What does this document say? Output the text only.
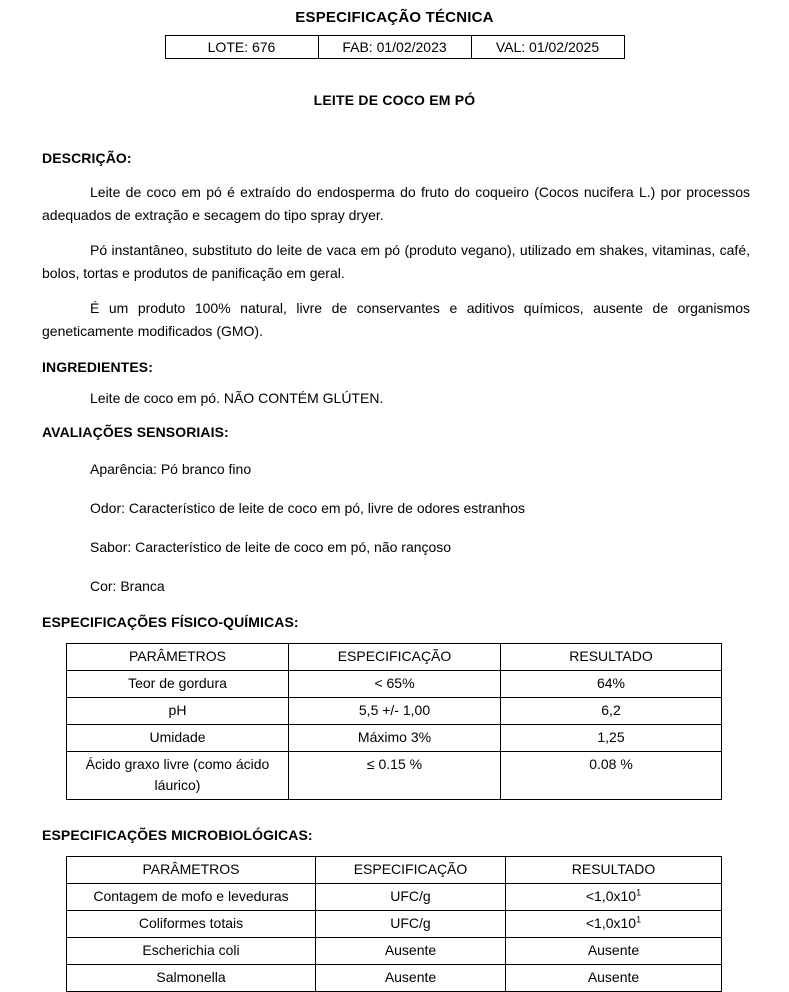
ESPECIFICAÇÃO TÉCNICA
LOTE: 676	FAB: 01/02/2023	VAL: 01/02/2025
LEITE DE COCO EM PÓ
DESCRIÇÃO:

Leite de coco em pó é extraído do endosperma do fruto do coqueiro (Cocos nucifera L.) por processos adequados de extração e secagem do tipo spray dryer.

Pó instantâneo, substituto do leite de vaca em pó (produto vegano), utilizado em shakes, vitaminas, café, bolos, tortas e produtos de panificação em geral.

É um produto 100% natural, livre de conservantes e aditivos químicos, ausente de organismos geneticamente modificados (GMO).

INGREDIENTES:
Leite de coco em pó. NÃO CONTÉM GLÚTEN.
AVALIAÇÕES SENSORIAIS:
Aparência: Pó branco fino
Odor: Característico de leite de coco em pó, livre de odores estranhos
Sabor: Característico de leite de coco em pó, não rançoso
Cor: Branca
ESPECIFICAÇÕES FÍSICO-QUÍMICAS:
PARÂMETROS	ESPECIFICAÇÃO	RESULTADO
Teor de gordura	< 65%	64%
pH	5,5 +/- 1,00	6,2
Umidade	Máximo 3%	1,25
Ácido graxo livre (como ácido láurico)	≤ 0.15 %	0.08 %
ESPECIFICAÇÕES MICROBIOLÓGICAS:
PARÂMETROS	ESPECIFICAÇÃO	RESULTADO
Contagem de mofo e leveduras	UFC/g	$<1,0x10^1$
Coliformes totais	UFC/g	$<1,0x10^1$
Escherichia coli	Ausente	Ausente
Salmonella	Ausente	Ausente
